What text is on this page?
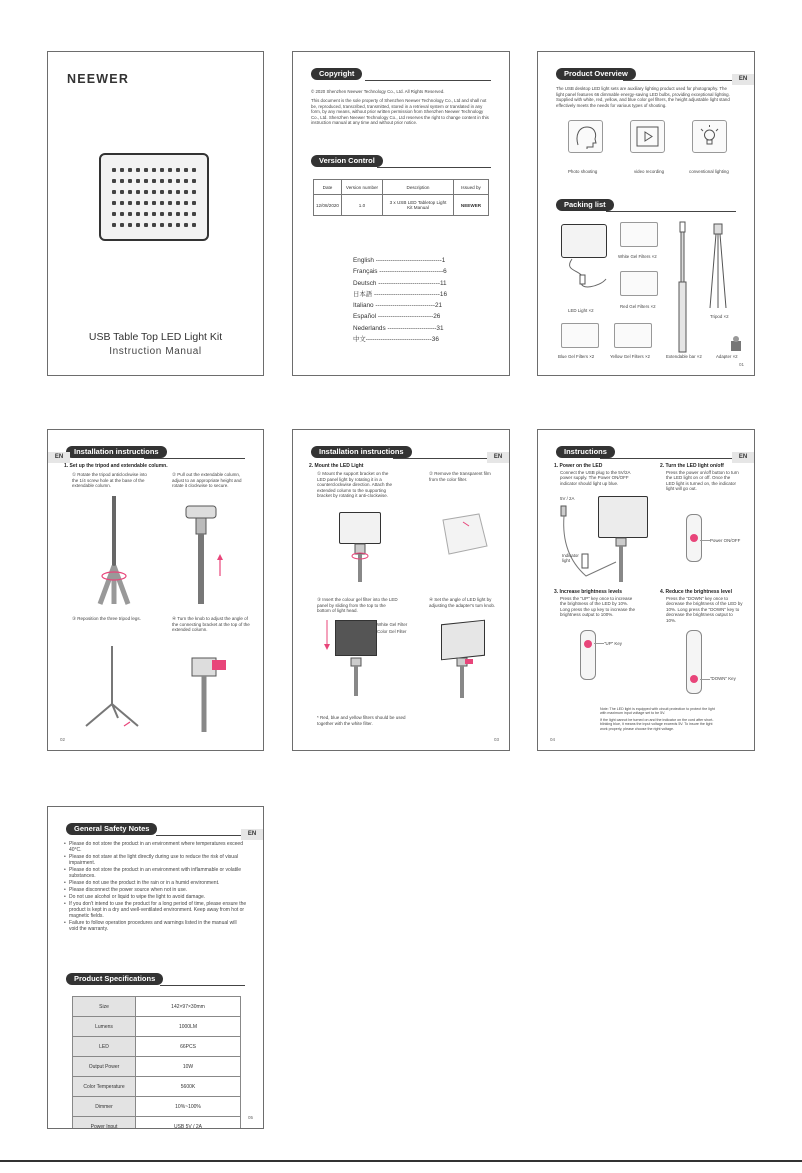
NEEWER
USB Table Top LED Light Kit
Instruction Manual
Copyright
© 2020 Shenzhen Neewer Technology Co., Ltd. All Rights Reserved.
This document is the sole property of Shenzhen Neewer Technology Co., Ltd and shall not be, reproduced, transcribed, transmitted, stored in a retrieval system or translated in any form, by any means, without prior written permission from Shenzhen Neewer Technology Co., Ltd. Shenzhen Neewer Technology Co., Ltd reserves the right to change content in this instruction manual at any time and without prior notice.
Version Control
Date	Version number	Description	Issued by
12/08/2020	1.0	3 x USB LED Tabletop Light Kit Manual	NEEWER
English -------------------------------1
Français ------------------------------6
Deutsch -----------------------------11
日本語 -------------------------------16
Italiano ----------------------------21
Español --------------------------26
Nederlands -----------------------31
中文-------------------------------36
Product Overview
EN
The USB desktop LED light sets are auxiliary lighting product used for photography. The light panel features 66 dimmable energy-saving LED bulbs, providing exceptional lighting. Supplied with white, red, yellow, and blue color gel filters, the height adjustable light stand effectively meets the needs for various types of shooting.
Photo shooting	video recording	conventional lighting
Packing list
LED Light ×2
White Gel Filters ×2
Red Gel Filters ×2
Blue Gel Filters ×2	Yellow Gel Filters ×2	Extendable bar ×2
Tripod ×2
Adapter ×2
01
Installation instructions
EN
1. Set up the tripod and extendable column.
① Rotate the tripod anticlockwise into the 1/4 screw hole at the base of the extendable column.
② Pull out the extendable column, adjust to an appropriate height and rotate it clockwise to secure.
③ Reposition the three tripod legs.	④ Turn the knob to adjust the angle of the connecting bracket at the top of the extended column.
02
Installation instructions
EN
2. Mount the LED Light
① Mount the support bracket on the LED panel light by rotating it in a counterclockwise direction. Attach the extended column to the supporting bracket by rotating it anti-clockwise.
② Remove the transparent film from the color filter.
③ Insert the colour gel filter into the LED panel by sliding from the top to the bottom of light head.
④ Set the angle of LED light by adjusting the adapter's tum knob.
White Gel Filter
Color Gel Filter
* Red, blue and yellow filters should be used together with the white filter.
03
Instructions
EN
1. Power on the LED

Connect the USB plug to the 5V/2A power supply. The Power ON/OFF indicator should light up blue.
2. Turn the LED light on/off

Press the power on/off button to turn the LED light on or off. Once the LED light is turned on, the indicator light will go out.
5V / 2A
Indicator light
Power ON/OFF
3. Increase brightness levels

Press the "UP" key once to increase the brightness of the LED by 10%. Long press the up key to increase the brightness output to 100%.
4. Reduce the brightness level

Press the "DOWN" key once to decrease the brightness of the LED by 10%. Long press the "DOWN" key to decrease the brightness output to 10%.
"UP" Key
"DOWN" Key
Note: The LED light is equipped with circuit protection to protect the light with maximum input voltage set to be 5V.
If the light cannot be turned on and the indicator on the cord after short-blinking blue, it means the input voltage exceeds 5V. To insure the light work properly, please choose the right voltage.
04
General Safety Notes
EN
• Please do not store the product in an environment where temperatures exceed 40°C.
• Please do not stare at the light directly during use to reduce the risk of visual impairment.
• Please do not store the product in an environment with inflammable or volatile substances.
• Please do not use the product in the rain or in a humid environment.
• Please disconnect the power source when not in use.
• Do not use alcohol or liquid to wipe the light to avoid damage.
• If you don't intend to use the product for a long period of time, please ensure the product is kept in a dry and well-ventilated environment. Keep away from hot or magnetic fields.
• Failure to follow operation procedures and warnings listed in the manual will void the warranty.
Product Specifications
Size	142×97×30mm
Lumens	1000LM
LED	66PCS
Output Power	10W
Color Temperature	5600K
Dimmer	10%~100%
Power Input	USB 5V / 2A
05
